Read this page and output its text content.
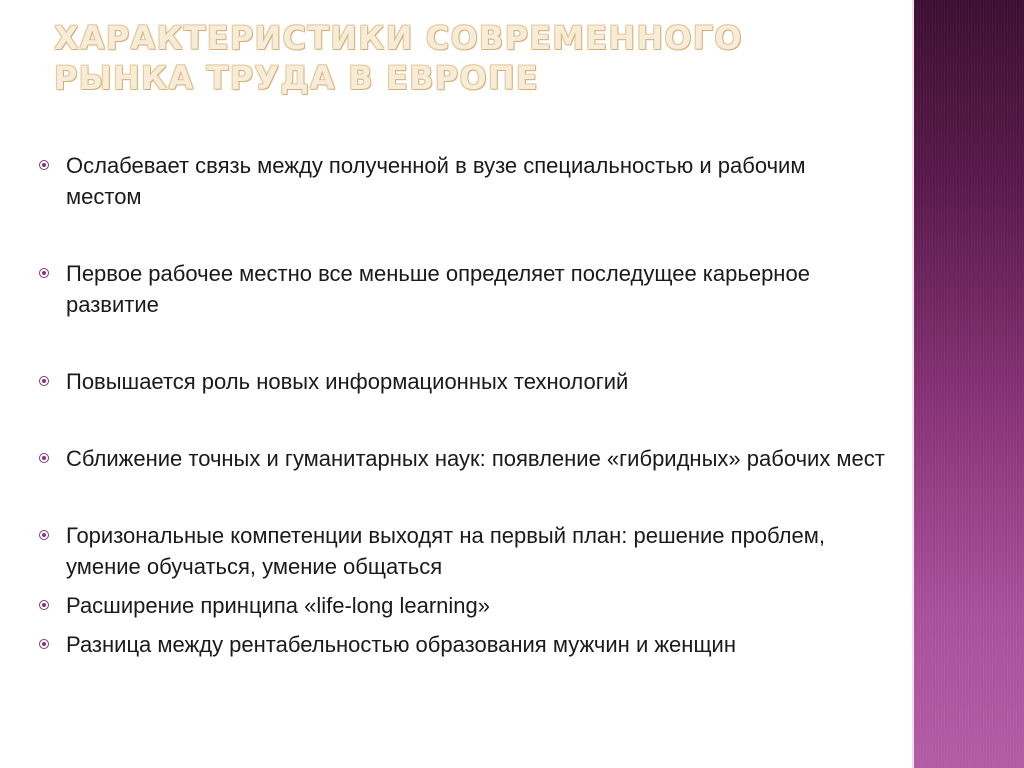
ХАРАКТЕРИСТИКИ СОВРЕМЕННОГО РЫНКА ТРУДА В ЕВРОПЕ
Ослабевает связь между полученной в вузе специальностью и рабочим местом
Первое рабочее местно все меньше определяет последущее карьерное развитие
Повышается роль новых информационных технологий
Сближение точных и гуманитарных наук: появление «гибридных» рабочих мест
Горизональные компетенции выходят на первый план: решение проблем, умение обучаться, умение общаться
Расширение принципа «life-long learning»
Разница между рентабельностью образования мужчин и женщин
